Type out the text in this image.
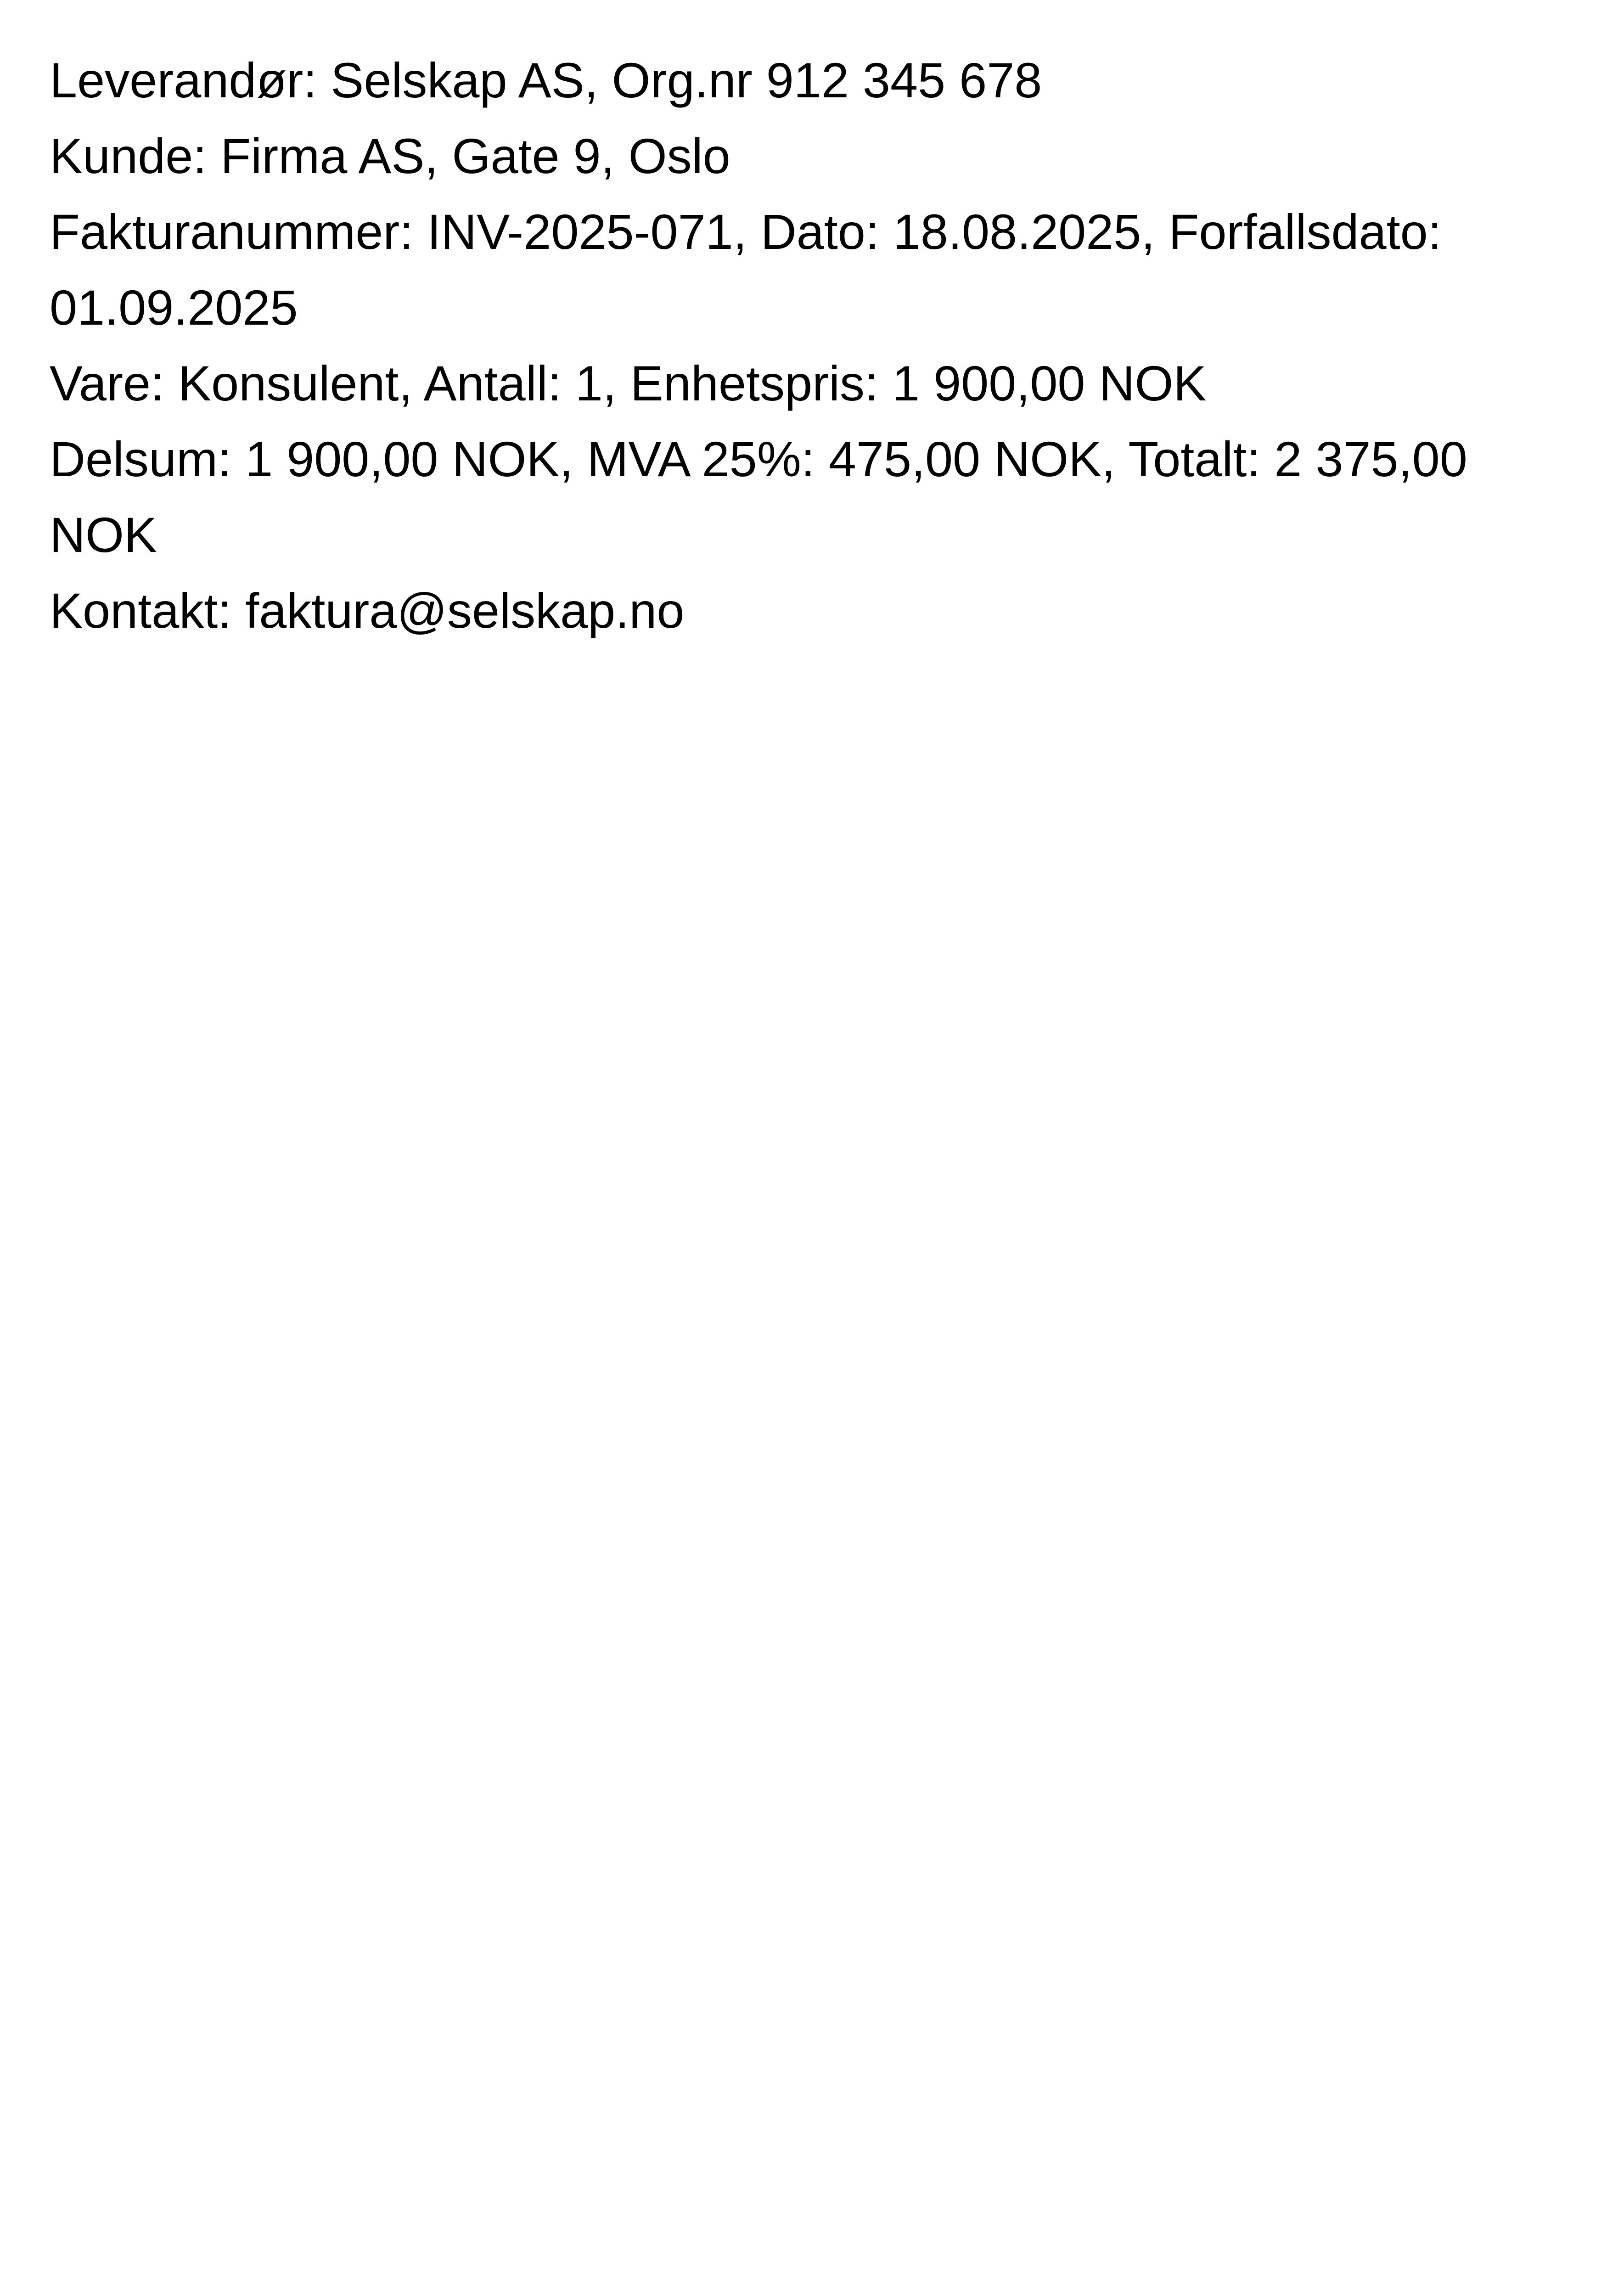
Leverandør: Selskap AS, Org.nr 912 345 678

Kunde: Firma AS, Gate 9, Oslo

Fakturanummer: INV-2025-071, Dato: 18.08.2025, Forfallsdato: 01.09.2025

Vare: Konsulent, Antall: 1, Enhetspris: 1 900,00 NOK

Delsum: 1 900,00 NOK, MVA 25%: 475,00 NOK, Totalt: 2 375,00 NOK

Kontakt: faktura@selskap.no
